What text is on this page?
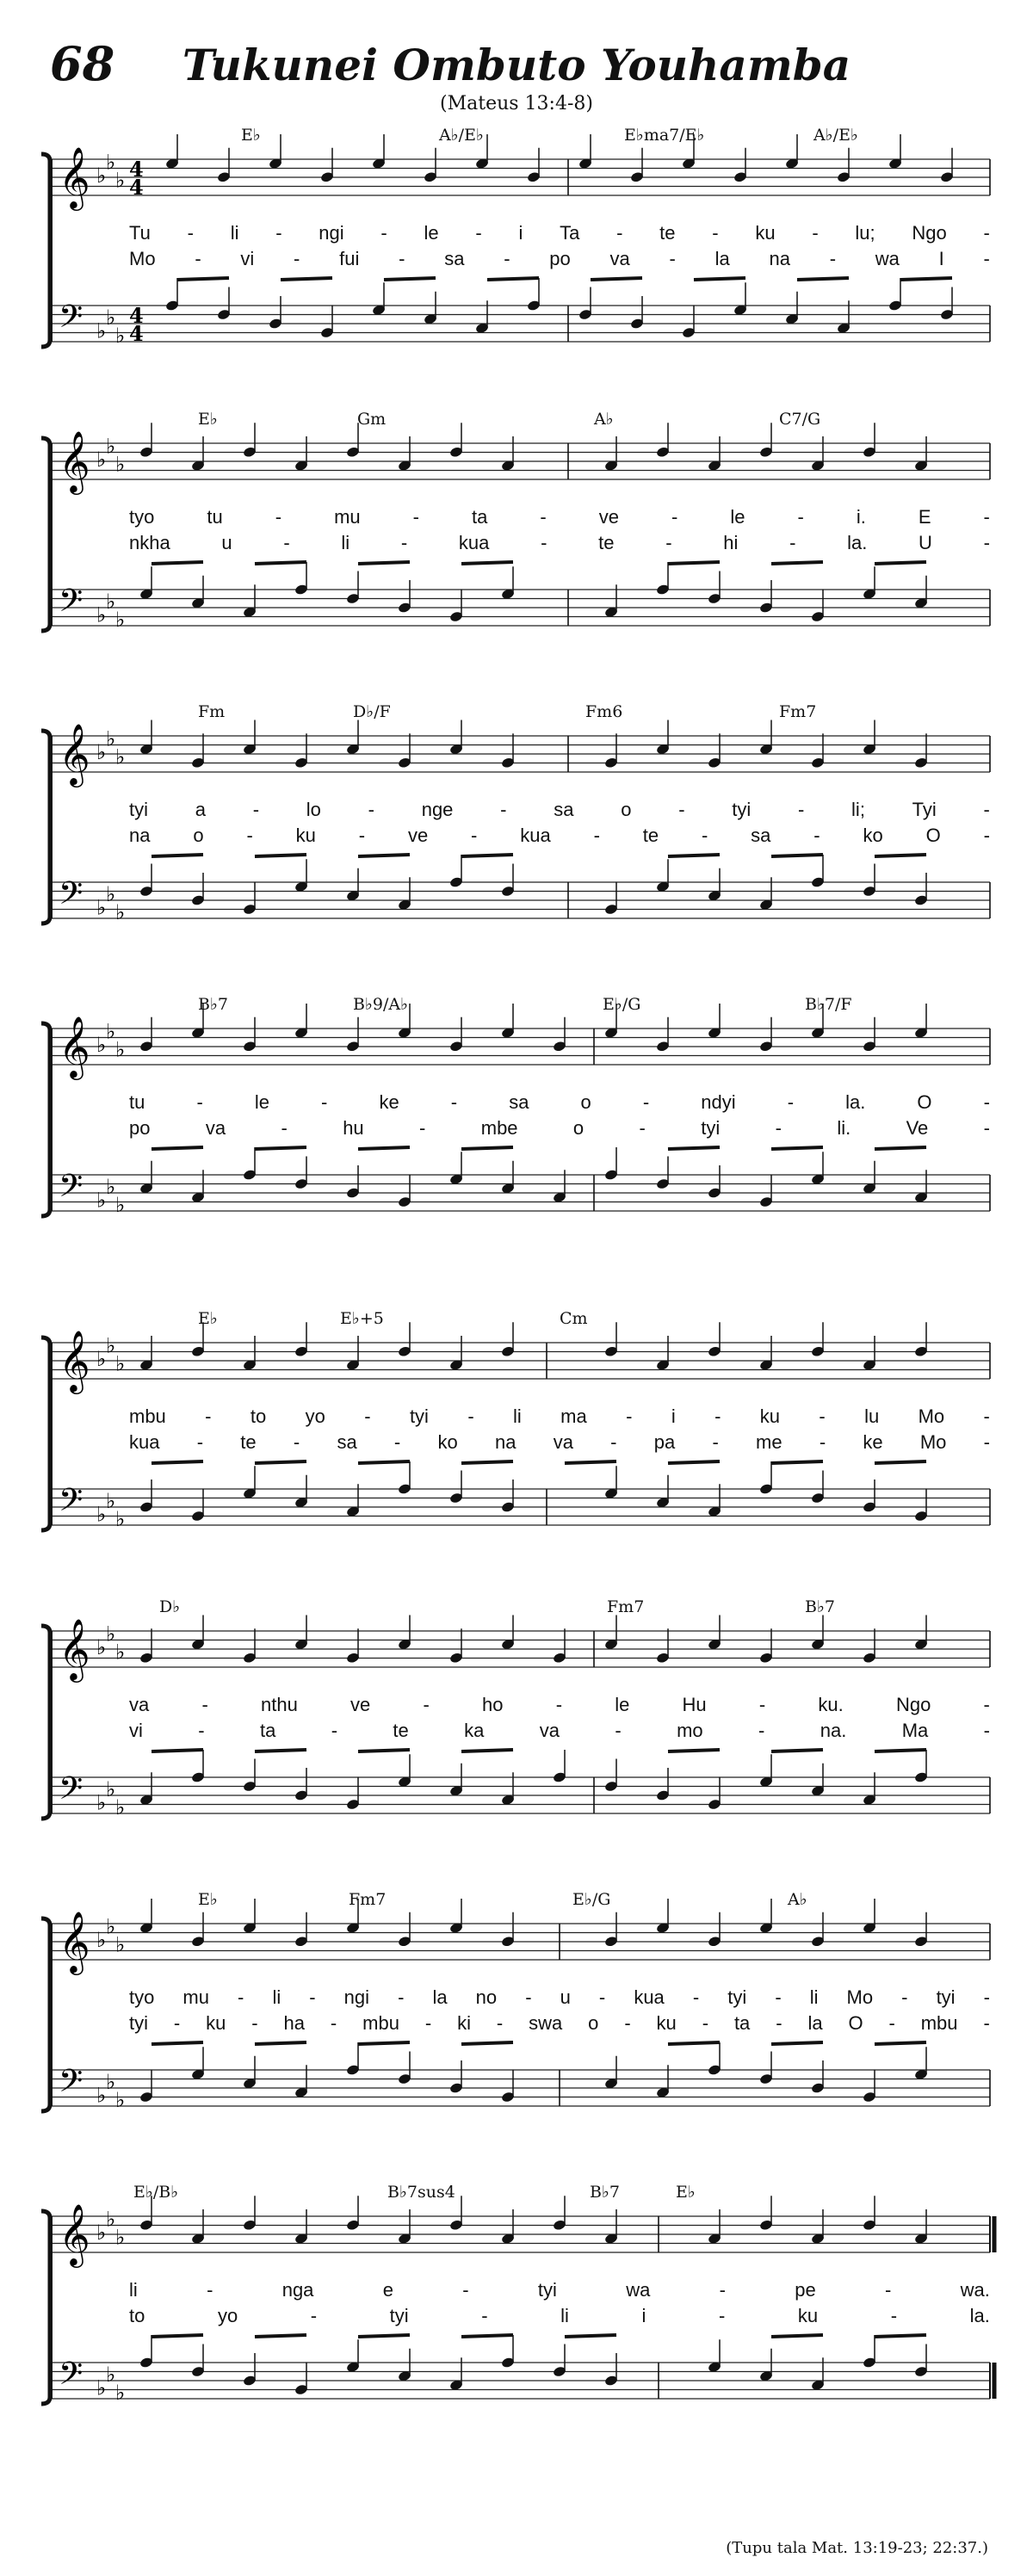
68	Tukunei Ombuto Youhamba
(Mateus 13:4-8)
𝄞
𝄢
♭
♭
♭
♭
♭
♭
4
4
4
4
E♭	A♭/E♭	E♭ma7/E♭	A♭/E♭
Tu - li - ngi - le - i Ta - te - ku - lu; Ngo -
Mo - vi - fui - sa - po va - la na - wa I -
𝄞
𝄢
♭
♭
♭
♭
♭
♭
E♭	Gm	A♭	C7/G
tyo	tu	-	mu	-	ta	-	ve	-	le	-	i.	E	-
nkha	u	-	li	-	kua	-	te	-	hi	-	la.	U	-
𝄞
𝄢
♭
♭
♭
♭
♭
♭
Fm	D♭/F	Fm6	Fm7
tyi a - lo - nge - sa o - tyi - li; Tyi -
na o - ku - ve - kua - te - sa - ko O -
𝄞
𝄢
♭
♭
♭
♭
♭
♭
B♭7	B♭9/A♭	E♭/G	B♭7/F
tu	-	le	-	ke	-	sa	o	-	ndyi	-	la.	O	-
po	va	-	hu	-	mbe	o	-	tyi	-	li.	Ve	-
𝄞
𝄢
♭
♭
♭
♭
♭
♭
E♭	E♭+5	Cm
mbu - to yo - tyi - li ma - i - ku - lu Mo -
kua - te - sa - ko na va - pa - me - ke Mo -
𝄞
𝄢
♭
♭
♭
♭
♭
♭
D♭	Fm7	B♭7
va	-	nthu	ve	-	ho	-	le	Hu	-	ku.	Ngo	-
vi	-	ta	-	te	ka	va	-	mo	-	na.	Ma	-
𝄞
𝄢
♭
♭
♭
♭
♭
♭
E♭	Fm7	E♭/G	A♭
tyo mu - li - ngi - la no - u - kua - tyi - li Mo - tyi -
tyi - ku - ha - mbu - ki - swa o - ku - ta - la O - mbu -
𝄞
𝄢
♭
♭
♭
♭
♭
♭
E♭/B♭	B♭7sus4	B♭7	E♭
li	-	nga	e	-	tyi	wa	-	pe	-	wa.
to	yo	-	tyi	-	li	i	-	ku	-	la.
(Tupu tala Mat. 13:19-23; 22:37.)
